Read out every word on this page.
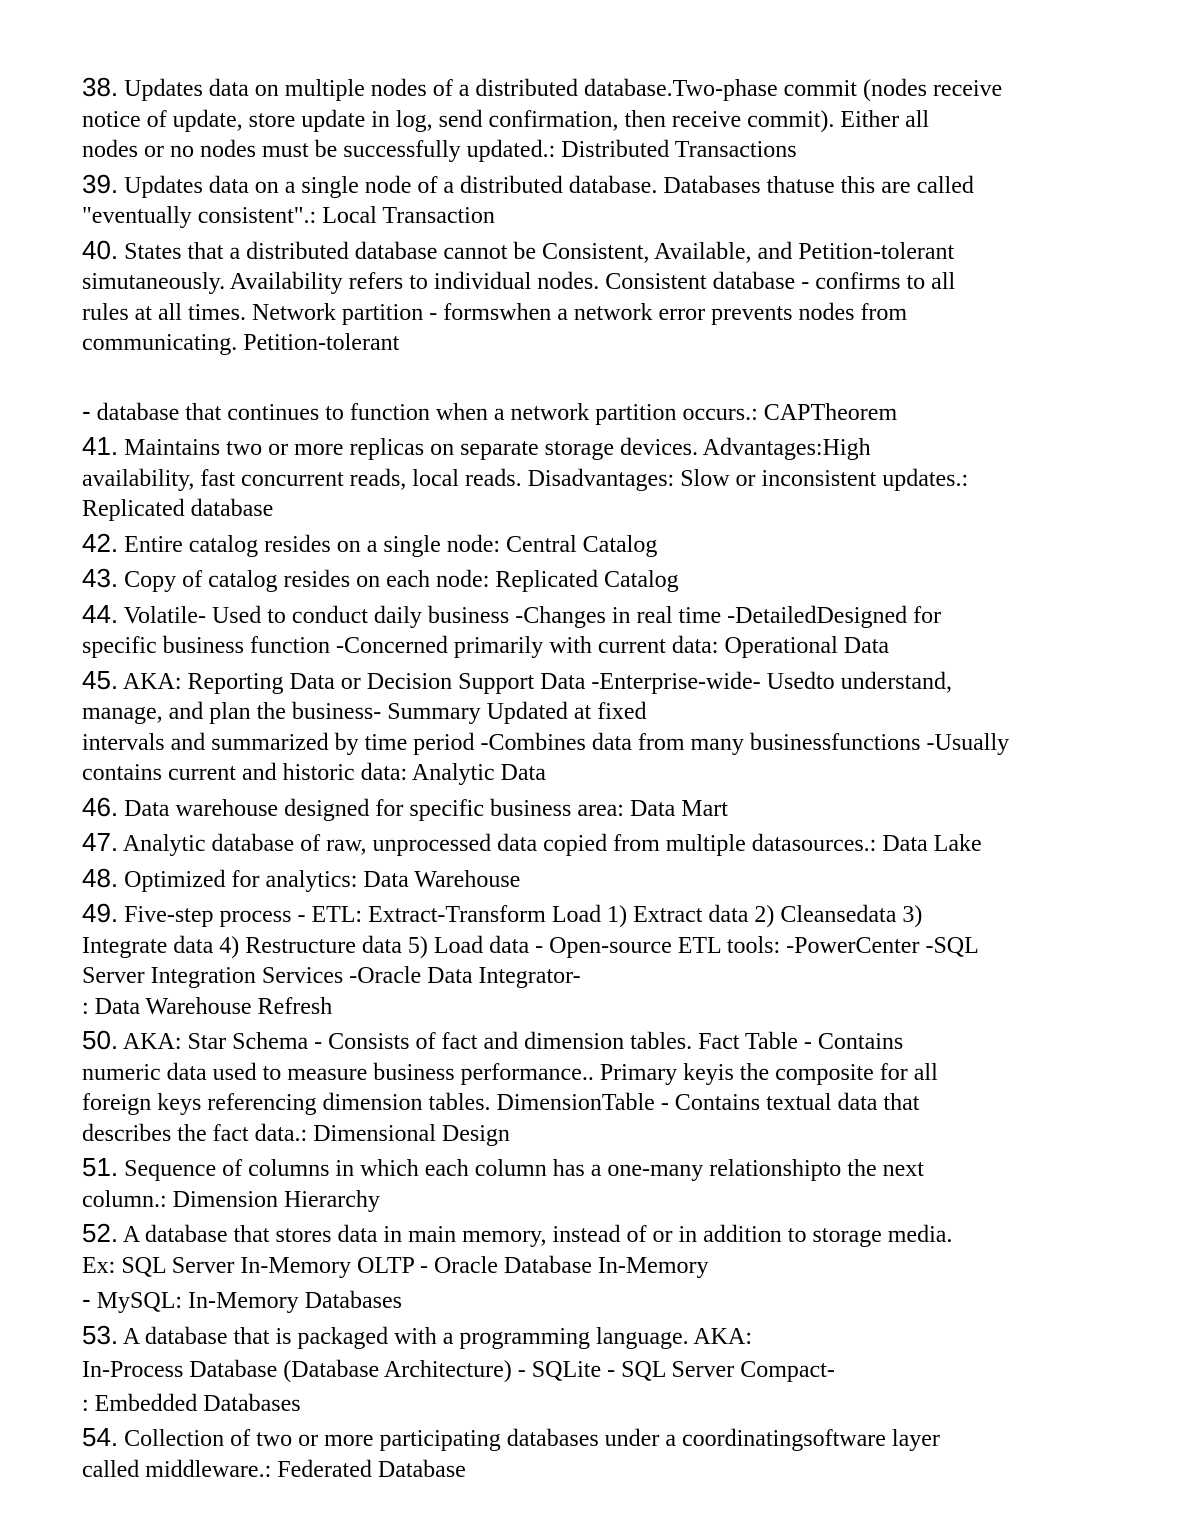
38. Updates data on multiple nodes of a distributed database.Two-phase commit (nodes receive
notice of update, store update in log, send confirmation, then receive commit). Either all
nodes or no nodes must be successfully updated.: Distributed Transactions
39. Updates data on a single node of a distributed database. Databases thatuse this are called
"eventually consistent".: Local Transaction
40. States that a distributed database cannot be Consistent, Available, and Petition-tolerant
simutaneously. Availability refers to individual nodes. Consistent database - confirms to all
rules at all times. Network partition - formswhen a network error prevents nodes from
communicating. Petition-tolerant
- database that continues to function when a network partition occurs.: CAPTheorem
41. Maintains two or more replicas on separate storage devices. Advantages:High
availability, fast concurrent reads, local reads. Disadvantages: Slow or inconsistent updates.:
Replicated database
42. Entire catalog resides on a single node: Central Catalog
43. Copy of catalog resides on each node: Replicated Catalog
44. Volatile- Used to conduct daily business -Changes in real time -DetailedDesigned for
specific business function -Concerned primarily with current data: Operational Data
45. AKA: Reporting Data or Decision Support Data -Enterprise-wide- Usedto understand,
manage, and plan the business- Summary Updated at fixed
intervals and summarized by time period -Combines data from many businessfunctions -Usually
contains current and historic data: Analytic Data
46. Data warehouse designed for specific business area: Data Mart
47. Analytic database of raw, unprocessed data copied from multiple datasources.: Data Lake
48. Optimized for analytics: Data Warehouse
49. Five-step process - ETL: Extract-Transform Load 1) Extract data 2) Cleansedata 3)
Integrate data 4) Restructure data 5) Load data - Open-source ETL tools: -PowerCenter -SQL
Server Integration Services -Oracle Data Integrator-
: Data Warehouse Refresh
50. AKA: Star Schema - Consists of fact and dimension tables. Fact Table - Contains
numeric data used to measure business performance.. Primary keyis the composite for all
foreign keys referencing dimension tables. DimensionTable - Contains textual data that
describes the fact data.: Dimensional Design
51. Sequence of columns in which each column has a one-many relationshipto the next
column.: Dimension Hierarchy
52. A database that stores data in main memory, instead of or in addition to storage media.
Ex: SQL Server In-Memory OLTP - Oracle Database In-Memory
- MySQL: In-Memory Databases
53. A database that is packaged with a programming language. AKA:
In-Process Database (Database Architecture) - SQLite - SQL Server Compact-
: Embedded Databases
54. Collection of two or more participating databases under a coordinatingsoftware layer
called middleware.: Federated Database
